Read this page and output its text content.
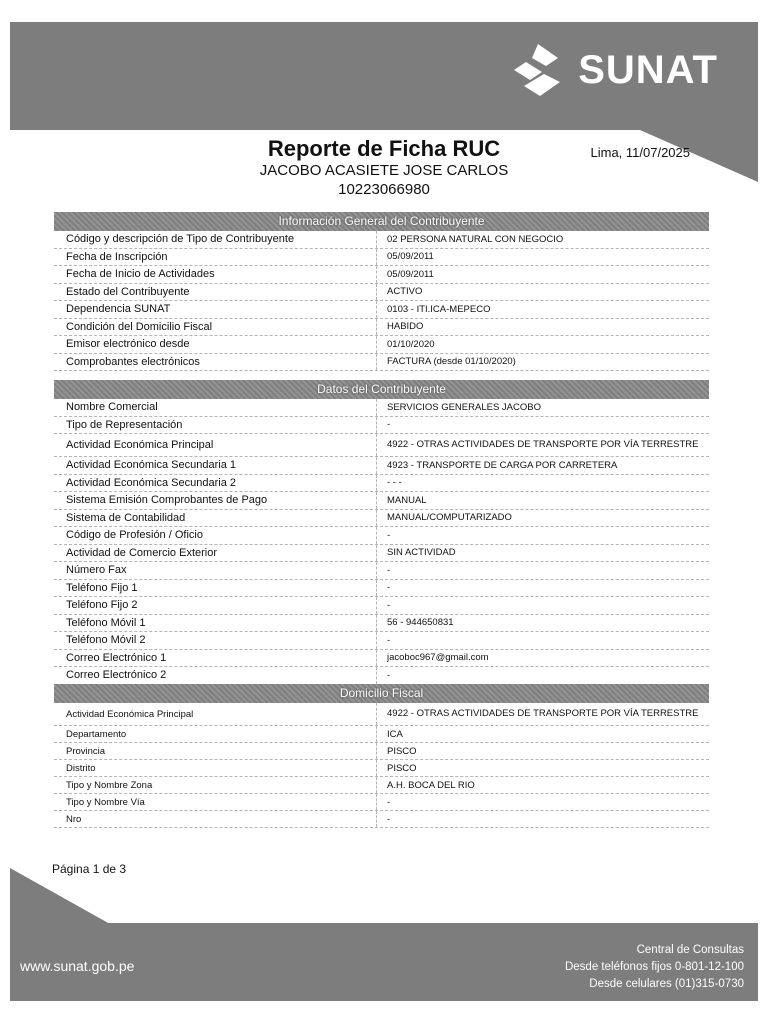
SUNAT
Reporte de Ficha RUC	Lima, 11/07/2025
JACOBO ACASIETE JOSE CARLOS
10223066980
Información General del Contribuyente
Código y descripción de Tipo de Contribuyente	02 PERSONA NATURAL CON NEGOCIO
Fecha de Inscripción	05/09/2011
Fecha de Inicio de Actividades	05/09/2011
Estado del Contribuyente	ACTIVO
Dependencia SUNAT	0103 - ITI.ICA-MEPECO
Condición del Domicilio Fiscal	HABIDO
Emisor electrónico desde	01/10/2020
Comprobantes electrónicos	FACTURA (desde 01/10/2020)
Datos del Contribuyente
Nombre Comercial	SERVICIOS GENERALES JACOBO
Tipo de Representación	-
Actividad Económica Principal	4922 - OTRAS ACTIVIDADES DE TRANSPORTE POR VÍA TERRESTRE
Actividad Económica Secundaria 1	4923 - TRANSPORTE DE CARGA POR CARRETERA
Actividad Económica Secundaria 2	- - -
Sistema Emisión Comprobantes de Pago	MANUAL
Sistema de Contabilidad	MANUAL/COMPUTARIZADO
Código de Profesión / Oficio	-
Actividad de Comercio Exterior	SIN ACTIVIDAD
Número Fax	-
Teléfono Fijo 1	-
Teléfono Fijo 2	-
Teléfono Móvil 1	56 - 944650831
Teléfono Móvil 2	-
Correo Electrónico 1	jacoboc967@gmail.com
Correo Electrónico 2	-
Domicilio Fiscal
Actividad Económica Principal	4922 - OTRAS ACTIVIDADES DE TRANSPORTE POR VÍA TERRESTRE
Departamento	ICA
Provincia	PISCO
Distrito	PISCO
Tipo y Nombre Zona	A.H. BOCA DEL RIO
Tipo y Nombre Vía	-
Nro	-
Página 1 de 3
www.sunat.gob.pe
Central de Consultas
Desde teléfonos fijos 0-801-12-100
Desde celulares (01)315-0730
